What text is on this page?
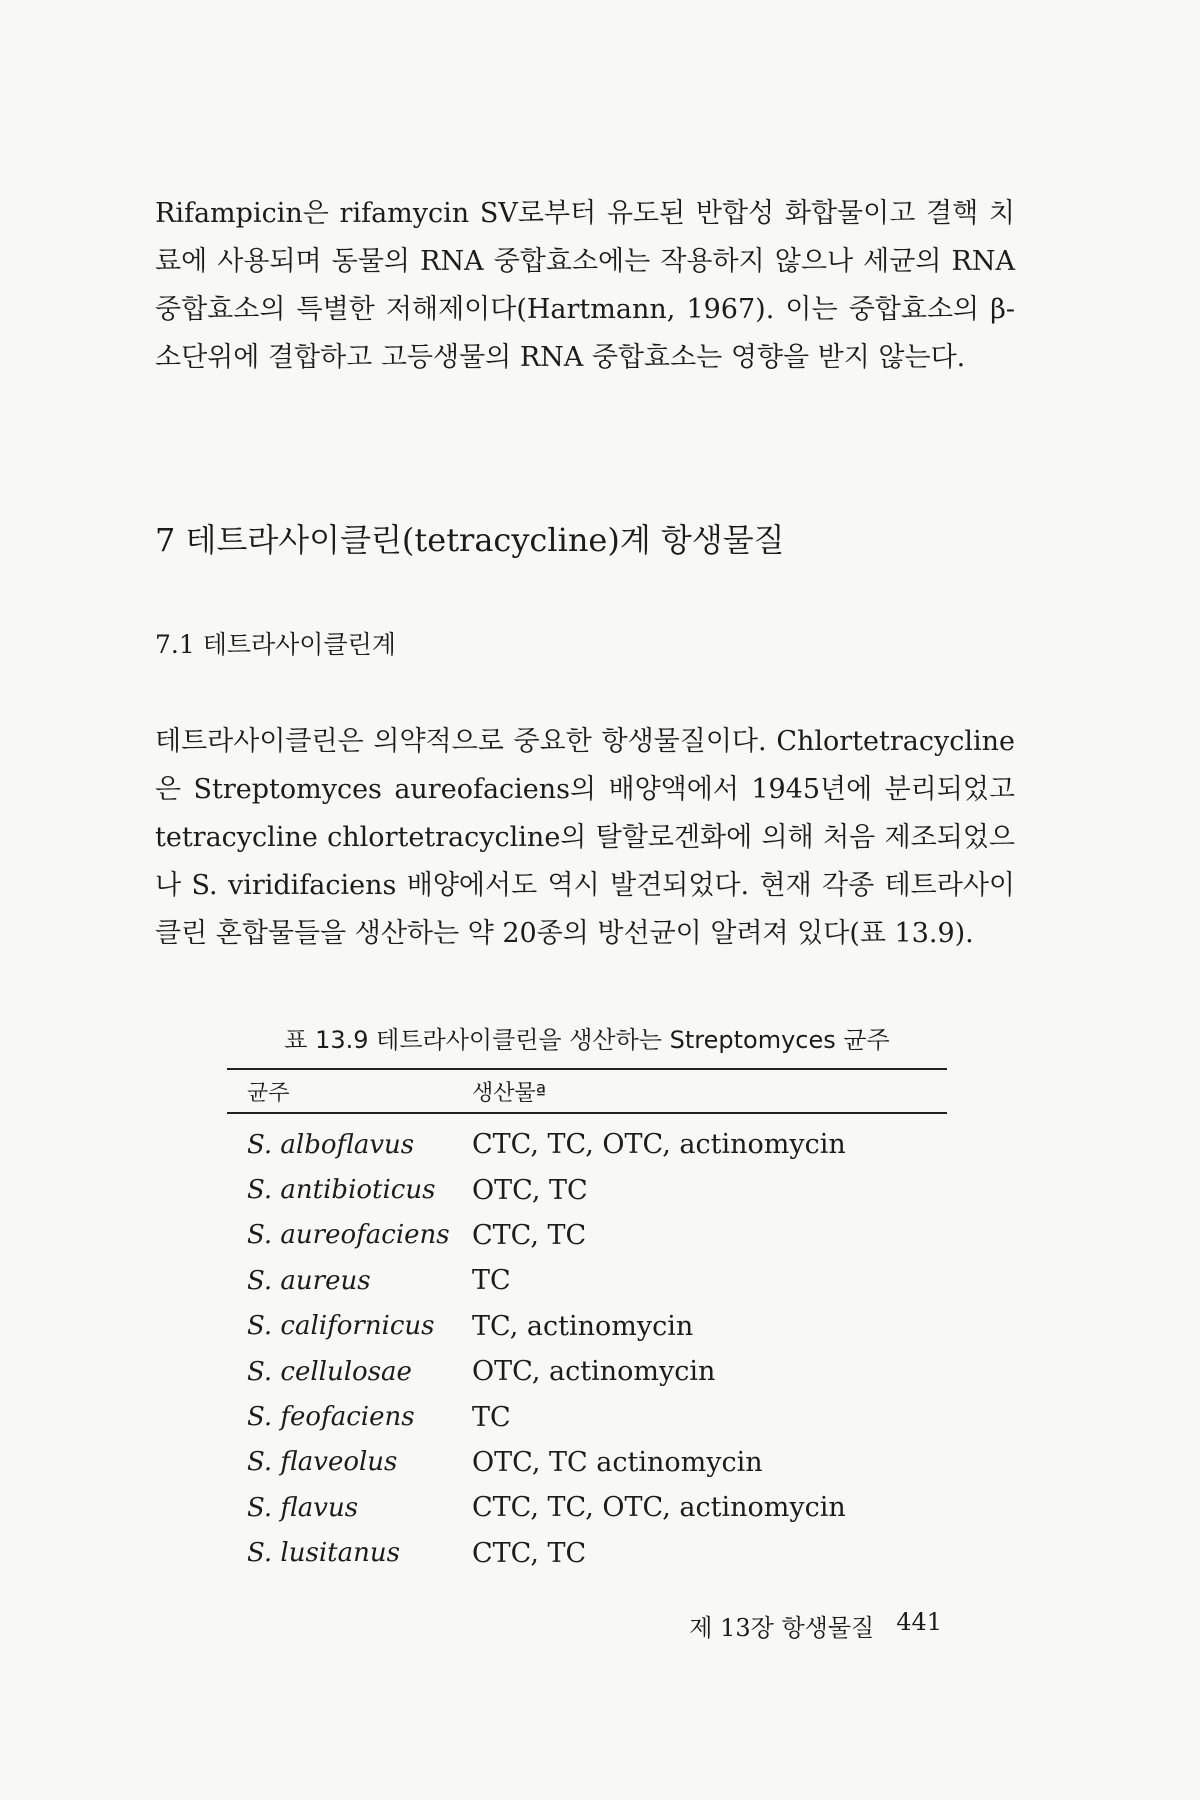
Rifampicin은 rifamycin SV로부터 유도된 반합성 화합물이고 결핵 치료에 사용되며 동물의 RNA 중합효소에는 작용하지 않으나 세균의 RNA 중합효소의 특별한 저해제이다(Hartmann, 1967). 이는 중합효소의 β-소단위에 결합하고 고등생물의 RNA 중합효소는 영향을 받지 않는다.

7 테트라사이클린(tetracycline)계 항생물질
7.1 테트라사이클린계

테트라사이클린은 의약적으로 중요한 항생물질이다. Chlortetracycline은 Streptomyces aureofaciens의 배양액에서 1945년에 분리되었고 tetracycline chlortetracycline의 탈할로겐화에 의해 처음 제조되었으나 S. viridifaciens 배양에서도 역시 발견되었다. 현재 각종 테트라사이클린 혼합물들을 생산하는 약 20종의 방선균이 알려져 있다(표 13.9).

표 13.9 테트라사이클린을 생산하는 Streptomyces 균주
균주	생산물ª
S. alboflavus	CTC, TC, OTC, actinomycin
S. antibioticus	OTC, TC
S. aureofaciens CTC, TC
S. aureus	TC
S. californicus	TC, actinomycin
S. cellulosae	OTC, actinomycin
S. feofaciens	TC
S. flaveolus	OTC, TC actinomycin
S. flavus	CTC, TC, OTC, actinomycin
S. lusitanus	CTC, TC
제 13장 항생물질 441
